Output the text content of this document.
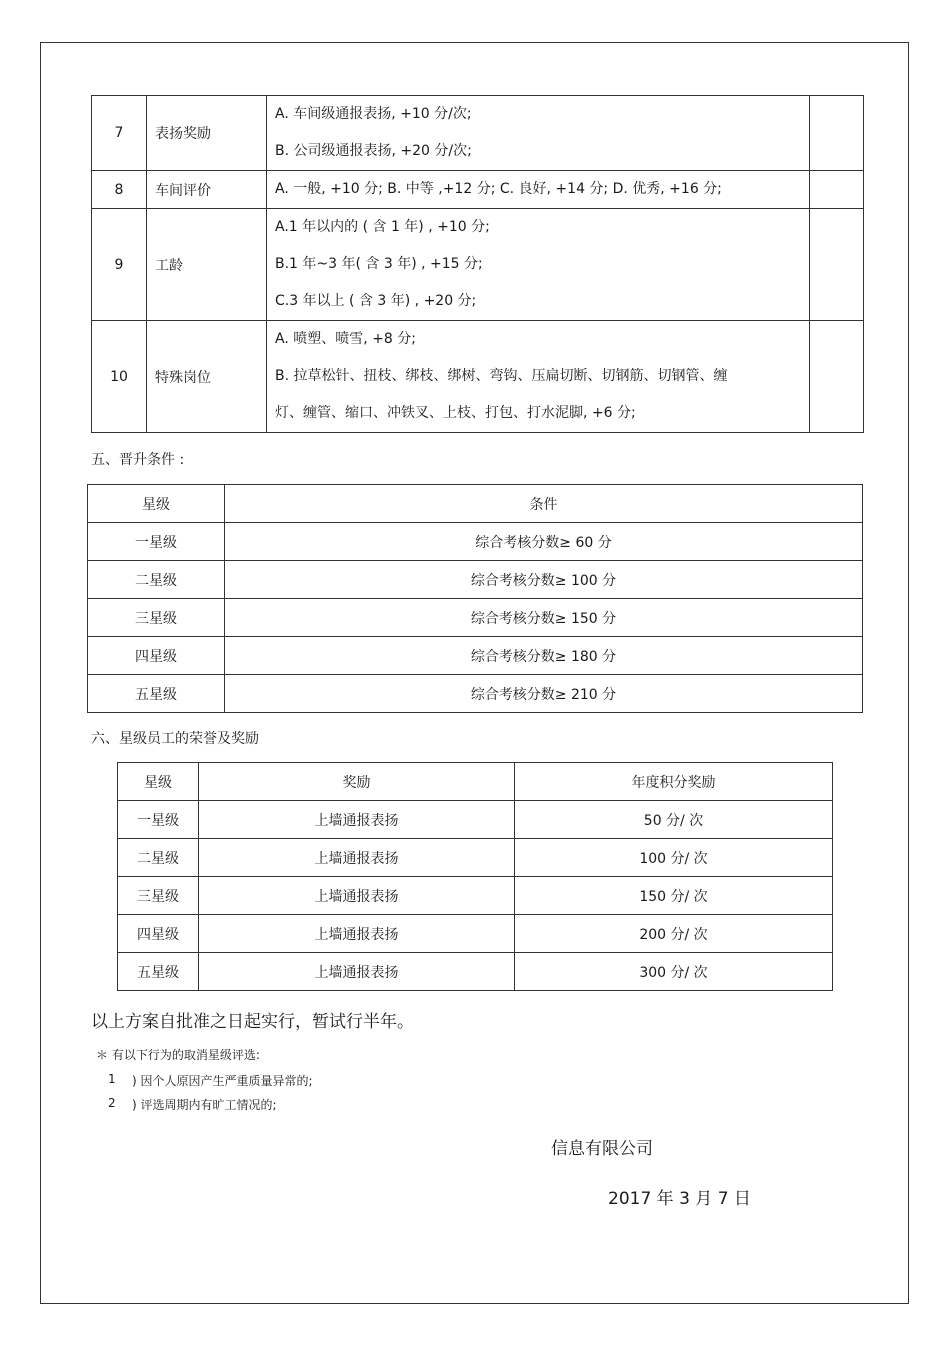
7	表扬奖励	A. 车间级通报表扬, +10 分/次;
B. 公司级通报表扬, +20 分/次;	

8	车间评价	A. 一般, +10 分; B. 中等 ,+12 分; C. 良好, +14 分; D. 优秀, +16 分;	

9	工龄	A.1 年以内的 ( 含 1 年) , +10 分;
B.1 年~3 年( 含 3 年) , +15 分;
C.3 年以上 ( 含 3 年) , +20 分;	

10	特殊岗位	A. 喷塑、喷雪, +8 分;
B. 拉草松针、扭枝、绑枝、绑树、弯钩、压扁切断、切钢筋、切钢管、缠
灯、缠管、缩口、冲铁叉、上枝、打包、打水泥脚, +6 分;	

五、晋升条件 :
星级	条件
一星级	综合考核分数≥ 60 分
二星级	综合考核分数≥ 100 分
三星级	综合考核分数≥ 150 分
四星级	综合考核分数≥ 180 分
五星级	综合考核分数≥ 210 分
六、星级员工的荣誉及奖励
星级	奖励	年度积分奖励
一星级	上墙通报表扬	50 分/ 次
二星级	上墙通报表扬	100 分/ 次
三星级	上墙通报表扬	150 分/ 次
四星级	上墙通报表扬	200 分/ 次
五星级	上墙通报表扬	300 分/ 次
以上方案自批准之日起实行，暂试行半年。
＊ 有以下行为的取消星级评选:
1 ) 因个人原因产生严重质量异常的;
2 ) 评选周期内有旷工情况的;
信息有限公司
2017 年 3 月 7 日
